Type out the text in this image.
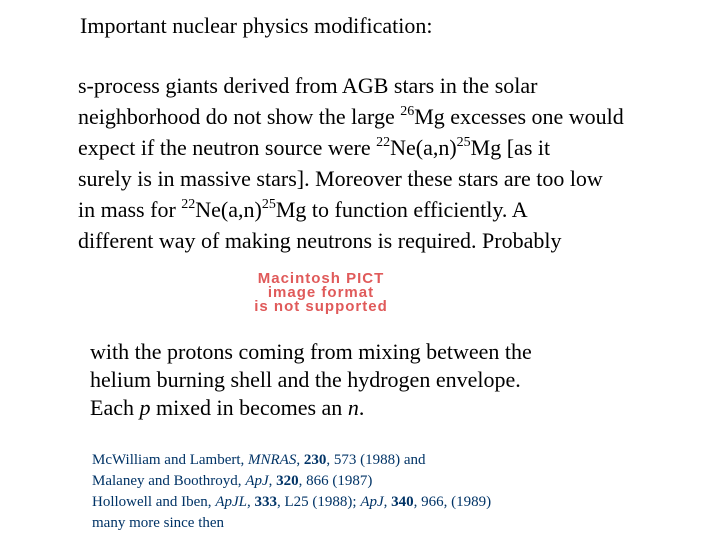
Important nuclear physics modification:
s-process giants derived from AGB stars in the solar
neighborhood do not show the large $^{26}$Mg excesses one would
expect if the neutron source were $^{22}Ne(a,n)^{25}Mg$ [as it
surely is in massive stars]. Moreover these stars are too low
in mass for $^{22}Ne(a,n)^{25}Mg$ to function efficiently. A
different way of making neutrons is required. Probably
Macintosh PICT
image format
is not supported
with the protons coming from mixing between the
helium burning shell and the hydrogen envelope.
Each p mixed in becomes an n.
McWilliam and Lambert, MNRAS, 230, 573 (1988) and
Malaney and Boothroyd, ApJ, 320, 866 (1987)
Hollowell and Iben, ApJL, 333, L25 (1988); ApJ, 340, 966, (1989)
many more since then
